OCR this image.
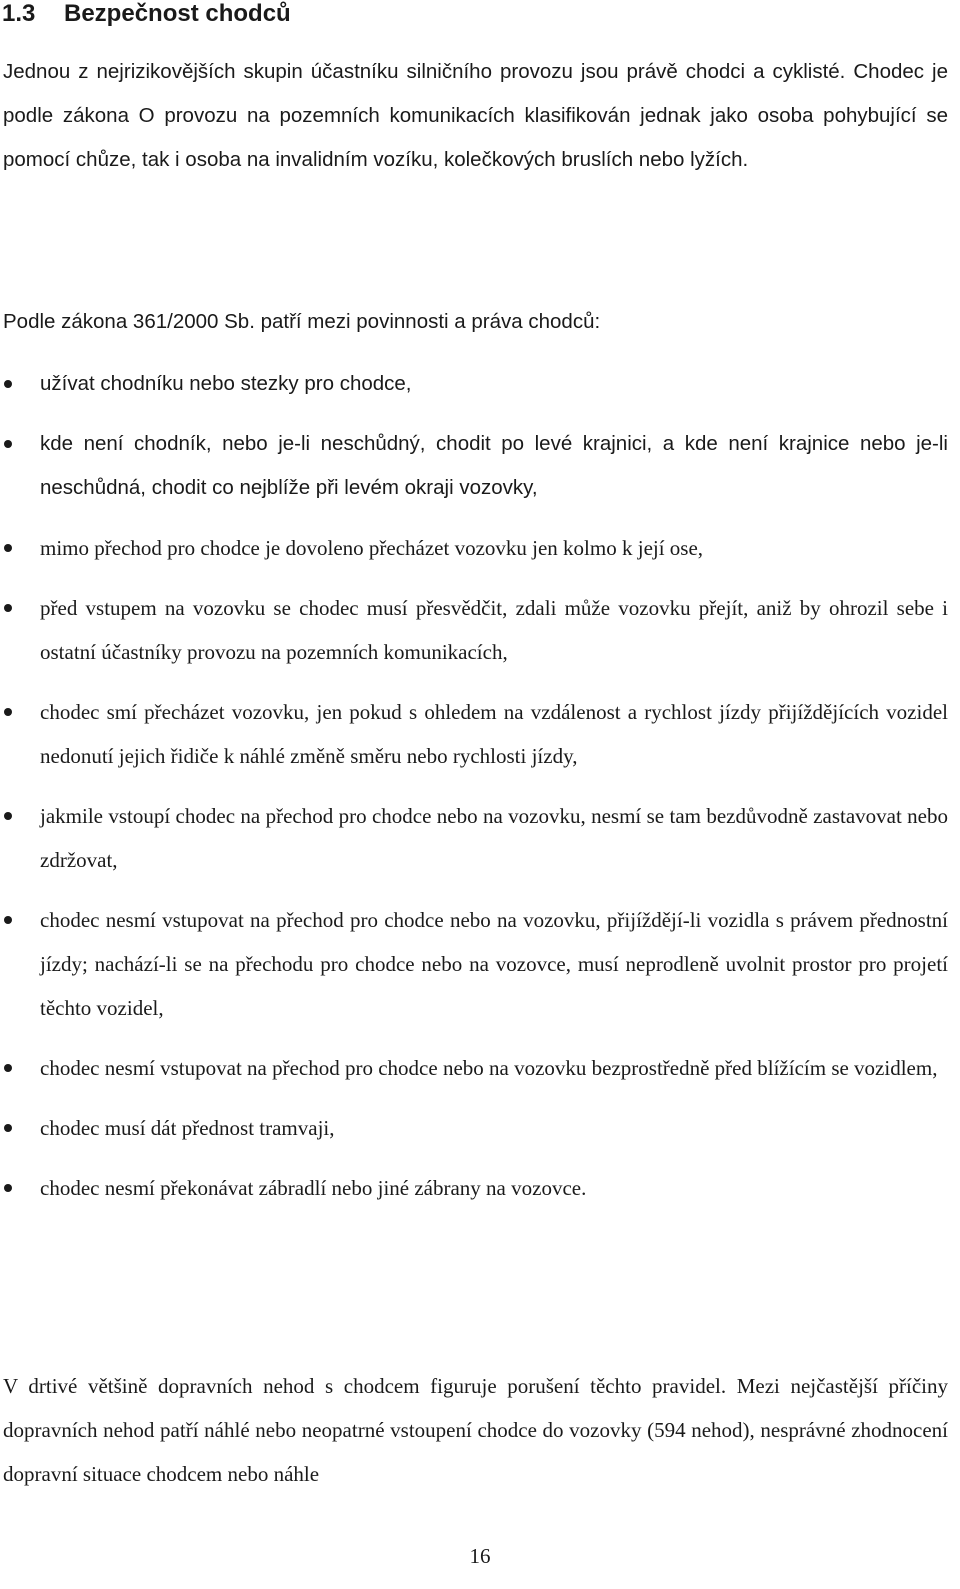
1.3 Bezpečnost chodců

Jednou z nejrizikovějších skupin účastníku silničního provozu jsou právě chodci a cyklisté. Chodec je podle zákona O provozu na pozemních komunikacích klasifikován jednak jako osoba pohybující se pomocí chůze, tak i osoba na invalidním vozíku, kolečkových bruslích nebo lyžích.

Podle zákona 361/2000 Sb. patří mezi povinnosti a práva chodců:

užívat chodníku nebo stezky pro chodce,
kde není chodník, nebo je-li neschůdný, chodit po levé krajnici, a kde není krajnice nebo je-li neschůdná, chodit co nejblíže při levém okraji vozovky,
mimo přechod pro chodce je dovoleno přecházet vozovku jen kolmo k její ose,
před vstupem na vozovku se chodec musí přesvědčit, zdali může vozovku přejít, aniž by ohrozil sebe i ostatní účastníky provozu na pozemních komunikacích,
chodec smí přecházet vozovku, jen pokud s ohledem na vzdálenost a rychlost jízdy přijíždějících vozidel nedonutí jejich řidiče k náhlé změně směru nebo rychlosti jízdy,
jakmile vstoupí chodec na přechod pro chodce nebo na vozovku, nesmí se tam bezdůvodně zastavovat nebo zdržovat,
chodec nesmí vstupovat na přechod pro chodce nebo na vozovku, přijíždějí-li vozidla s právem přednostní jízdy; nachází-li se na přechodu pro chodce nebo na vozovce, musí neprodleně uvolnit prostor pro projetí těchto vozidel,
chodec nesmí vstupovat na přechod pro chodce nebo na vozovku bezprostředně před blížícím se vozidlem,
chodec musí dát přednost tramvaji,
chodec nesmí překonávat zábradlí nebo jiné zábrany na vozovce.

V drtivé většině dopravních nehod s chodcem figuruje porušení těchto pravidel. Mezi nejčastější příčiny dopravních nehod patří náhlé nebo neopatrné vstoupení chodce do vozovky (594 nehod), nesprávné zhodnocení dopravní situace chodcem nebo náhle

16
